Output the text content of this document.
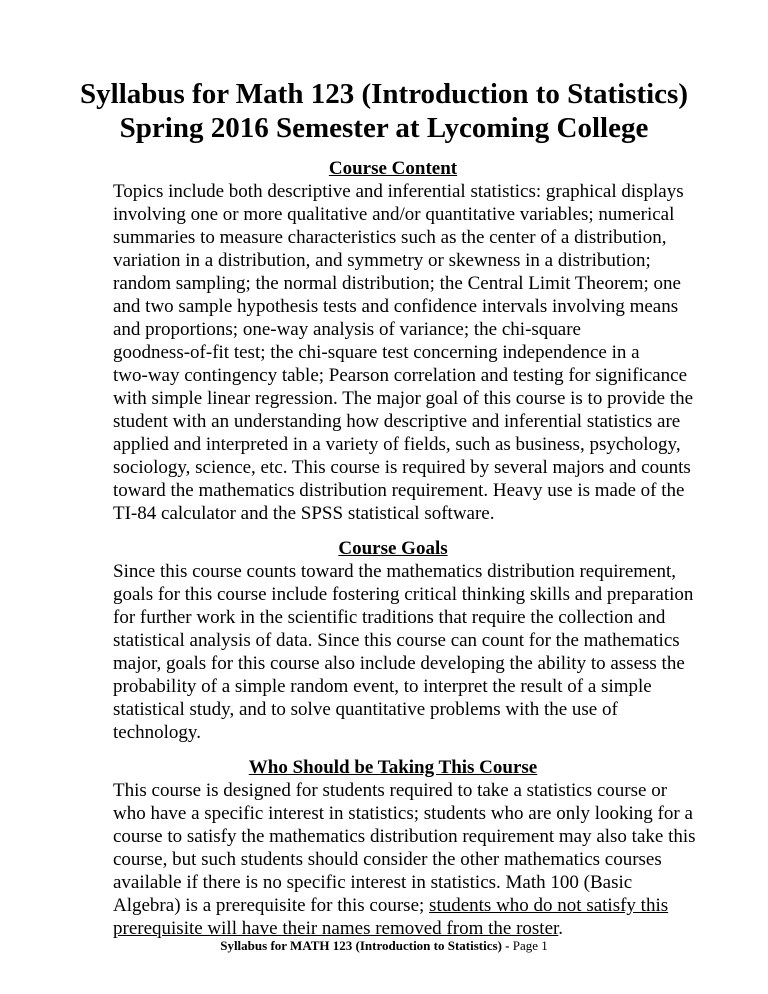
Syllabus for Math 123 (Introduction to Statistics)
Spring 2016 Semester at Lycoming College
Course Content

Topics include both descriptive and inferential statistics: graphical displays
involving one or more qualitative and/or quantitative variables; numerical
summaries to measure characteristics such as the center of a distribution,
variation in a distribution, and symmetry or skewness in a distribution;
random sampling; the normal distribution; the Central Limit Theorem; one
and two sample hypothesis tests and confidence intervals involving means
and proportions; one-way analysis of variance; the chi-square
goodness-of-fit test; the chi-square test concerning independence in a
two-way contingency table; Pearson correlation and testing for significance
with simple linear regression. The major goal of this course is to provide the
student with an understanding how descriptive and inferential statistics are
applied and interpreted in a variety of fields, such as business, psychology,
sociology, science, etc. This course is required by several majors and counts
toward the mathematics distribution requirement. Heavy use is made of the
TI-84 calculator and the SPSS statistical software.

Course Goals

Since this course counts toward the mathematics distribution requirement,
goals for this course include fostering critical thinking skills and preparation
for further work in the scientific traditions that require the collection and
statistical analysis of data. Since this course can count for the mathematics
major, goals for this course also include developing the ability to assess the
probability of a simple random event, to interpret the result of a simple
statistical study, and to solve quantitative problems with the use of
technology.

Who Should be Taking This Course

This course is designed for students required to take a statistics course or
who have a specific interest in statistics; students who are only looking for a
course to satisfy the mathematics distribution requirement may also take this
course, but such students should consider the other mathematics courses
available if there is no specific interest in statistics. Math 100 (Basic
Algebra) is a prerequisite for this course; students who do not satisfy this
prerequisite will have their names removed from the roster.

Syllabus for MATH 123 (Introduction to Statistics) - Page 1
